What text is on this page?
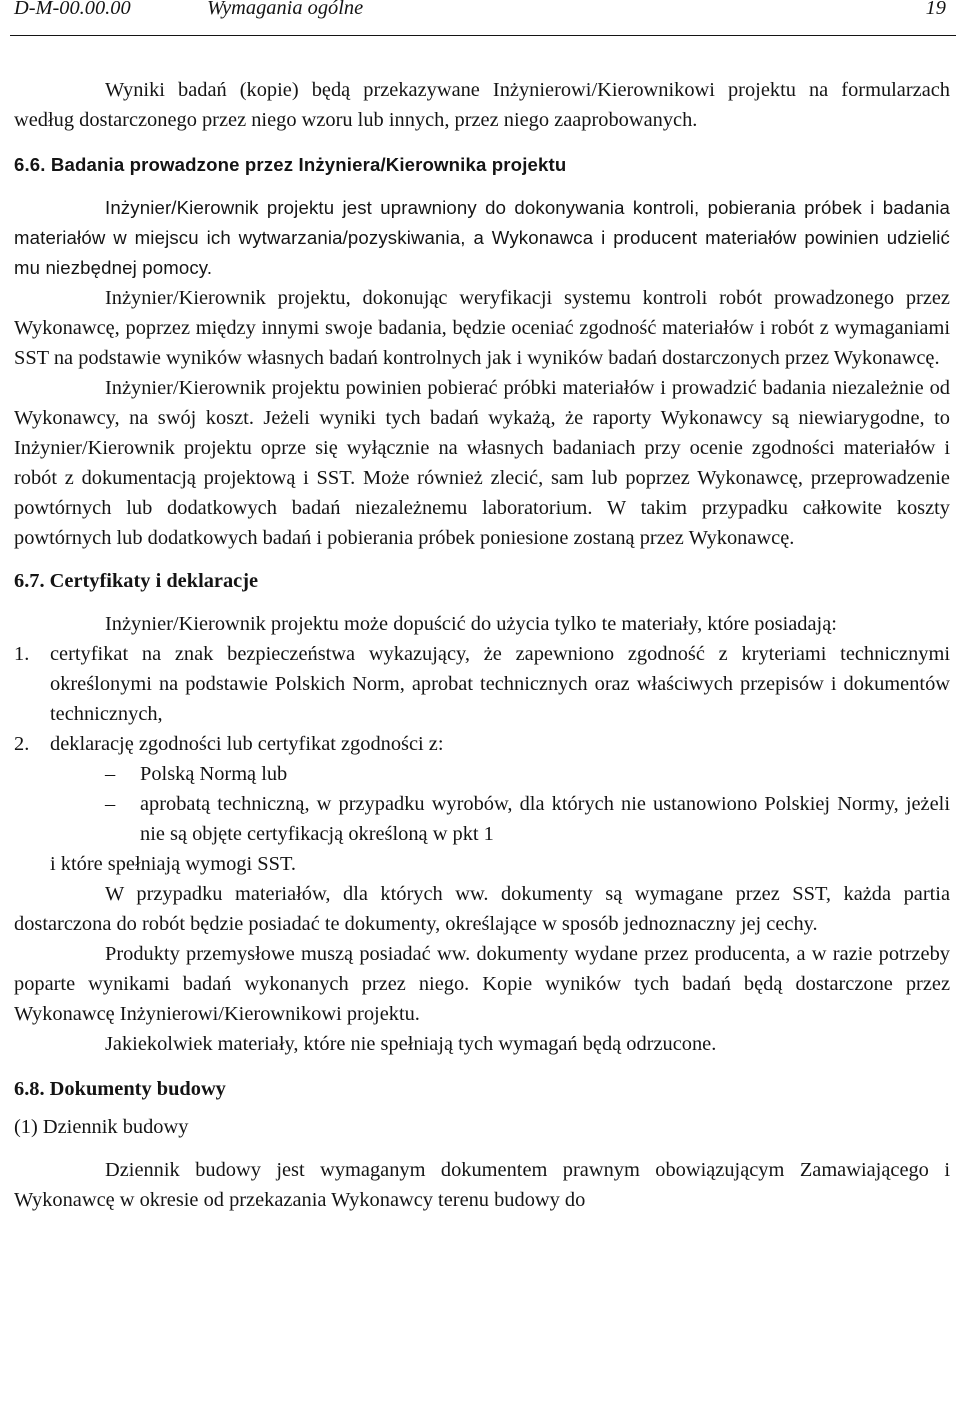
D-M-00.00.00	Wymagania ogólne	19

Wyniki badań (kopie) będą przekazywane Inżynierowi/Kierownikowi projektu na formularzach według dostarczonego przez niego wzoru lub innych, przez niego zaaprobowanych.

6.6. Badania prowadzone przez Inżyniera/Kierownika projektu

Inżynier/Kierownik projektu jest uprawniony do dokonywania kontroli, pobierania próbek i badania materiałów w miejscu ich wytwarzania/pozyskiwania, a Wykonawca i producent materiałów powinien udzielić mu niezbędnej pomocy.

Inżynier/Kierownik projektu, dokonując weryfikacji systemu kontroli robót prowadzonego przez Wykonawcę, poprzez między innymi swoje badania, będzie oceniać zgodność materiałów i robót z wymaganiami SST na podstawie wyników własnych badań kontrolnych jak i wyników badań dostarczonych przez Wykonawcę.

Inżynier/Kierownik projektu powinien pobierać próbki materiałów i prowadzić badania niezależnie od Wykonawcy, na swój koszt. Jeżeli wyniki tych badań wykażą, że raporty Wykonawcy są niewiarygodne, to Inżynier/Kierownik projektu oprze się wyłącznie na własnych badaniach przy ocenie zgodności materiałów i robót z dokumentacją projektową i SST. Może również zlecić, sam lub poprzez Wykonawcę, przeprowadzenie powtórnych lub dodatkowych badań niezależnemu laboratorium. W takim przypadku całkowite koszty powtórnych lub dodatkowych badań i pobierania próbek poniesione zostaną przez Wykonawcę.

6.7. Certyfikaty i deklaracje

Inżynier/Kierownik projektu może dopuścić do użycia tylko te materiały, które posiadają:

1. certyfikat na znak bezpieczeństwa wykazujący, że zapewniono zgodność z kryteriami technicznymi określonymi na podstawie Polskich Norm, aprobat technicznych oraz właściwych przepisów i dokumentów technicznych,
2. deklarację zgodności lub certyfikat zgodności z:
– Polską Normą lub
– aprobatą techniczną, w przypadku wyrobów, dla których nie ustanowiono Polskiej Normy, jeżeli nie są objęte certyfikacją określoną w pkt 1

i które spełniają wymogi SST.

W przypadku materiałów, dla których ww. dokumenty są wymagane przez SST, każda partia dostarczona do robót będzie posiadać te dokumenty, określające w sposób jednoznaczny jej cechy.

Produkty przemysłowe muszą posiadać ww. dokumenty wydane przez producenta, a w razie potrzeby poparte wynikami badań wykonanych przez niego. Kopie wyników tych badań będą dostarczone przez Wykonawcę Inżynierowi/Kierownikowi projektu.

Jakiekolwiek materiały, które nie spełniają tych wymagań będą odrzucone.

6.8. Dokumenty budowy

(1) Dziennik budowy

Dziennik budowy jest wymaganym dokumentem prawnym obowiązującym Zamawiającego i Wykonawcę w okresie od przekazania Wykonawcy terenu budowy do
